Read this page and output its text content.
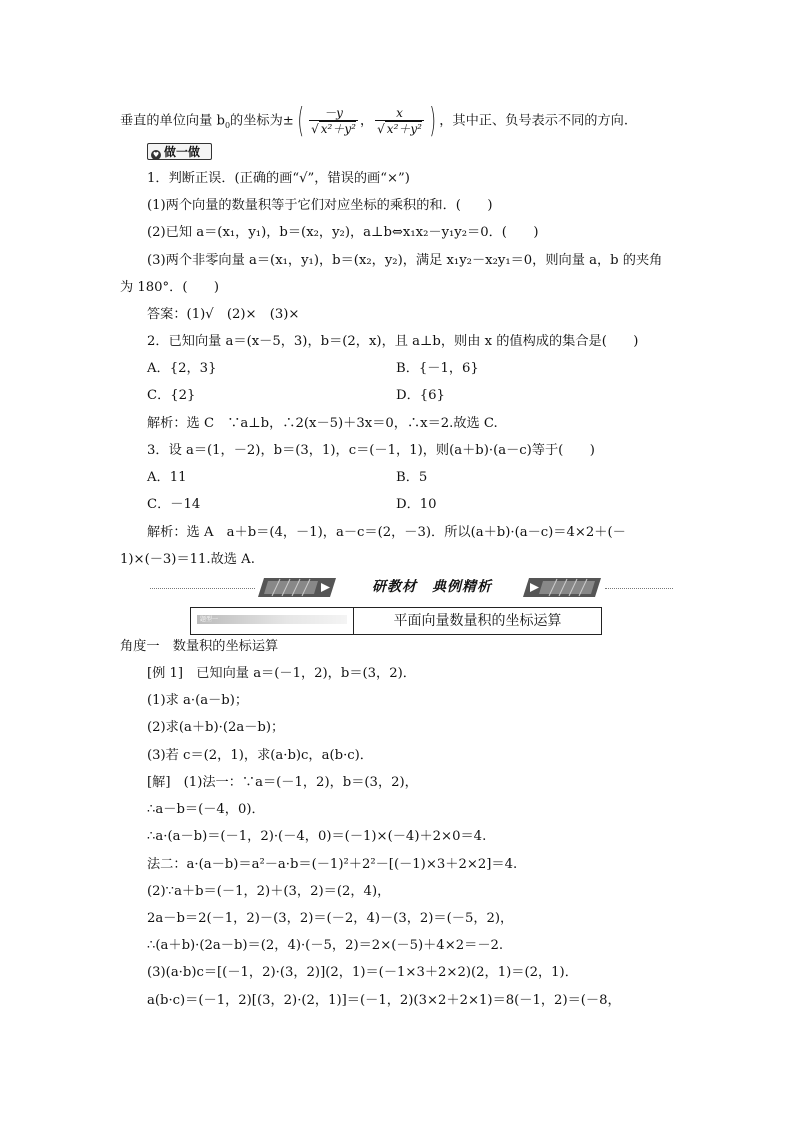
垂直的单位向量 $b_0$的坐标为±( $\frac{-y}{\text{√ x²＋y²}}$ ， $\frac{x}{\text{√ x²＋y²}}$ ) ，其中正、负号表示不同的方向.
♥ 做一做
1．判断正误．(正确的画“√”，错误的画“×”)
(1)两个向量的数量积等于它们对应坐标的乘积的和．(　　)
(2)已知 a＝(x₁，y₁)，b＝(x₂，y₂)，a⊥b⇔x₁x₂－y₁y₂＝0．(　　)
(3)两个非零向量 a＝(x₁，y₁)，b＝(x₂，y₂)，满足 x₁y₂－x₂y₁＝0，则向量 a，b 的夹角
为 180°．(　　)
答案：(1)√　(2)×　(3)×
2．已知向量 a＝(x－5，3)，b＝(2，x)，且 a⊥b，则由 x 的值构成的集合是(　　)
A．{2，3}	B．{－1，6}
C．{2}	D．{6}
解析：选 C　∵a⊥b，∴2(x－5)＋3x＝0，∴x＝2.故选 C.
3．设 a＝(1，－2)，b＝(3，1)，c＝(－1，1)，则(a＋b)·(a－c)等于(　　)
A．11	B．5
C．－14	D．10
解析：选 A　a＋b＝(4，－1)，a－c＝(2，－3)．所以(a＋b)·(a－c)＝4×2＋(－
1)×(－3)＝11.故选 A.
研教材　典例精析
题型一	平面向量数量积的坐标运算
角度一　数量积的坐标运算
[例 1]　已知向量 a＝(－1，2)，b＝(3，2)．
(1)求 a·(a－b)；
(2)求(a＋b)·(2a－b)；
(3)若 c＝(2，1)，求(a·b)c，a(b·c)．
[解]　(1)法一：∵a＝(－1，2)，b＝(3，2)，
∴a－b＝(－4，0)．
∴a·(a－b)＝(－1，2)·(－4，0)＝(－1)×(－4)＋2×0＝4.
法二：a·(a－b)＝a²－a·b＝(－1)²＋2²－[(－1)×3＋2×2]＝4.
(2)∵a＋b＝(－1，2)＋(3，2)＝(2，4)，
2a－b＝2(－1，2)－(3，2)＝(－2，4)－(3，2)＝(－5，2)，
∴(a＋b)·(2a－b)＝(2，4)·(－5，2)＝2×(－5)＋4×2＝－2.
(3)(a·b)c＝[(－1，2)·(3，2)](2，1)＝(－1×3＋2×2)(2，1)＝(2，1)．
a(b·c)＝(－1，2)[(3，2)·(2，1)]＝(－1，2)(3×2＋2×1)＝8(－1，2)＝(－8，
